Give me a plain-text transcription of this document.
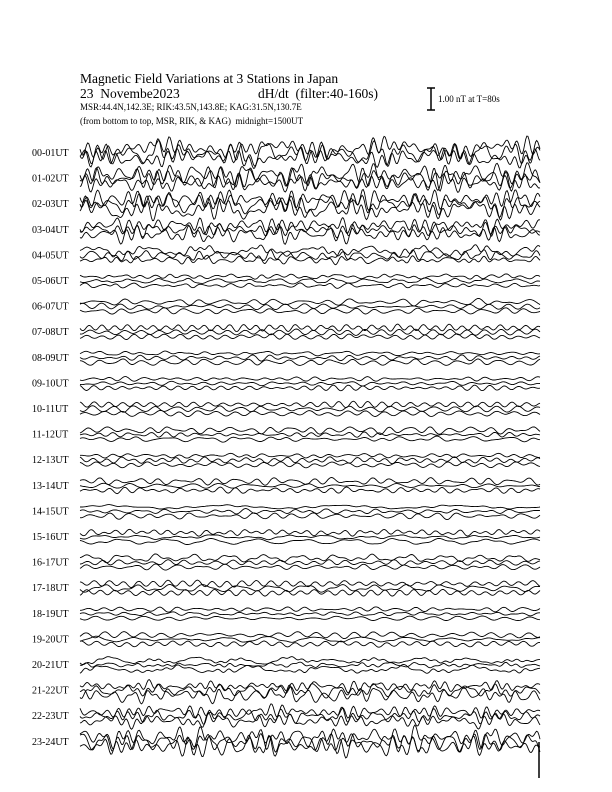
Magnetic Field Variations at 3 Stations in Japan
23  Novembe2023	dH/dt  (filter:40-160s)
MSR:44.4N,142.3E; RIK:43.5N,143.8E; KAG:31.5N,130.7E
(from bottom to top, MSR, RIK, & KAG)  midnight=1500UT
1.00 nT at T=80s
00-01UT
01-02UT
02-03UT
03-04UT
04-05UT
05-06UT
06-07UT
07-08UT
08-09UT
09-10UT
10-11UT
11-12UT
12-13UT
13-14UT
14-15UT
15-16UT
16-17UT
17-18UT
18-19UT
19-20UT
20-21UT
21-22UT
22-23UT
23-24UT
